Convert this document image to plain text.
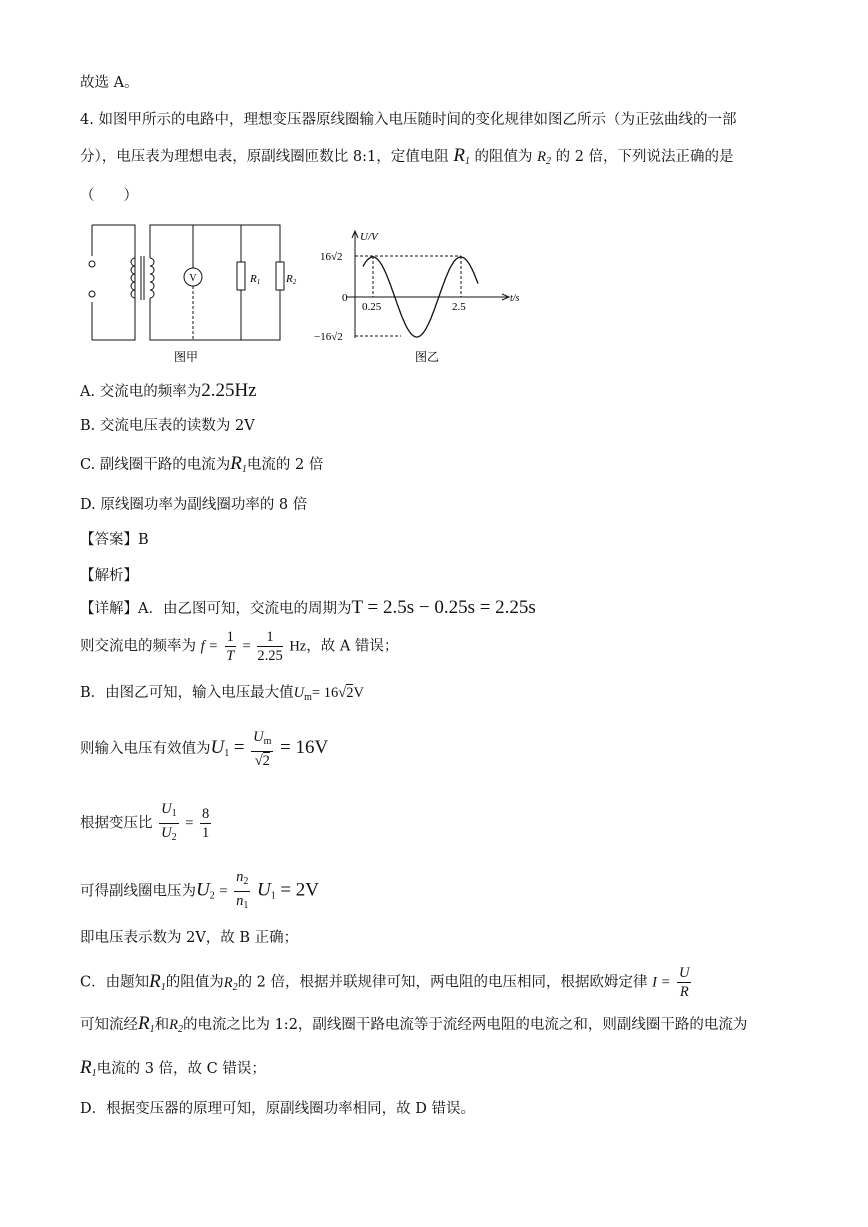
故选 A。
4. 如图甲所示的电路中，理想变压器原线圈输入电压随时间的变化规律如图乙所示（为正弦曲线的一部
分），电压表为理想电表，原副线圈匝数比 8:1，定值电阻 $R_1$ 的阻值为 $R_2$ 的 2 倍，下列说法正确的是
（　　）
V	R1 R2
图甲
U/V
t/s
16√2
−16√2
0
0.25	2.5
图乙
A. 交流电的频率为2.25Hz
B. 交流电压表的读数为 2V
C. 副线圈干路的电流为$R_1$电流的 2 倍
D. 原线圈功率为副线圈功率的 8 倍
【答案】B
【解析】
【详解】A．由乙图可知，交流电的周期为T = 2.5s − 0.25s = 2.25s
则交流电的频率为 $f = \frac{1}{T} = \frac{1}{2.25}$ Hz，故 A 错误；
B．由图乙可知，输入电压最大值$U_m= 16√2V$
则输入电压有效值为$U_1 = \frac{U_m}{√2} = 16V$
根据变压比 $\frac{U_1}{U_2} = \frac{8}{1}$
可得副线圈电压为$U_2 = \frac{n_2}{n_1} U_1 = 2V$
即电压表示数为 2V，故 B 正确；
C．由题知$R_1$的阻值为$R_2$的 2 倍，根据并联规律可知，两电阻的电压相同，根据欧姆定律 $I = \frac{U}{R}$
可知流经$R_1$和$R_2$的电流之比为 1:2，副线圈干路电流等于流经两电阻的电流之和，则副线圈干路的电流为
$R_1$电流的 3 倍，故 C 错误；
D．根据变压器的原理可知，原副线圈功率相同，故 D 错误。
